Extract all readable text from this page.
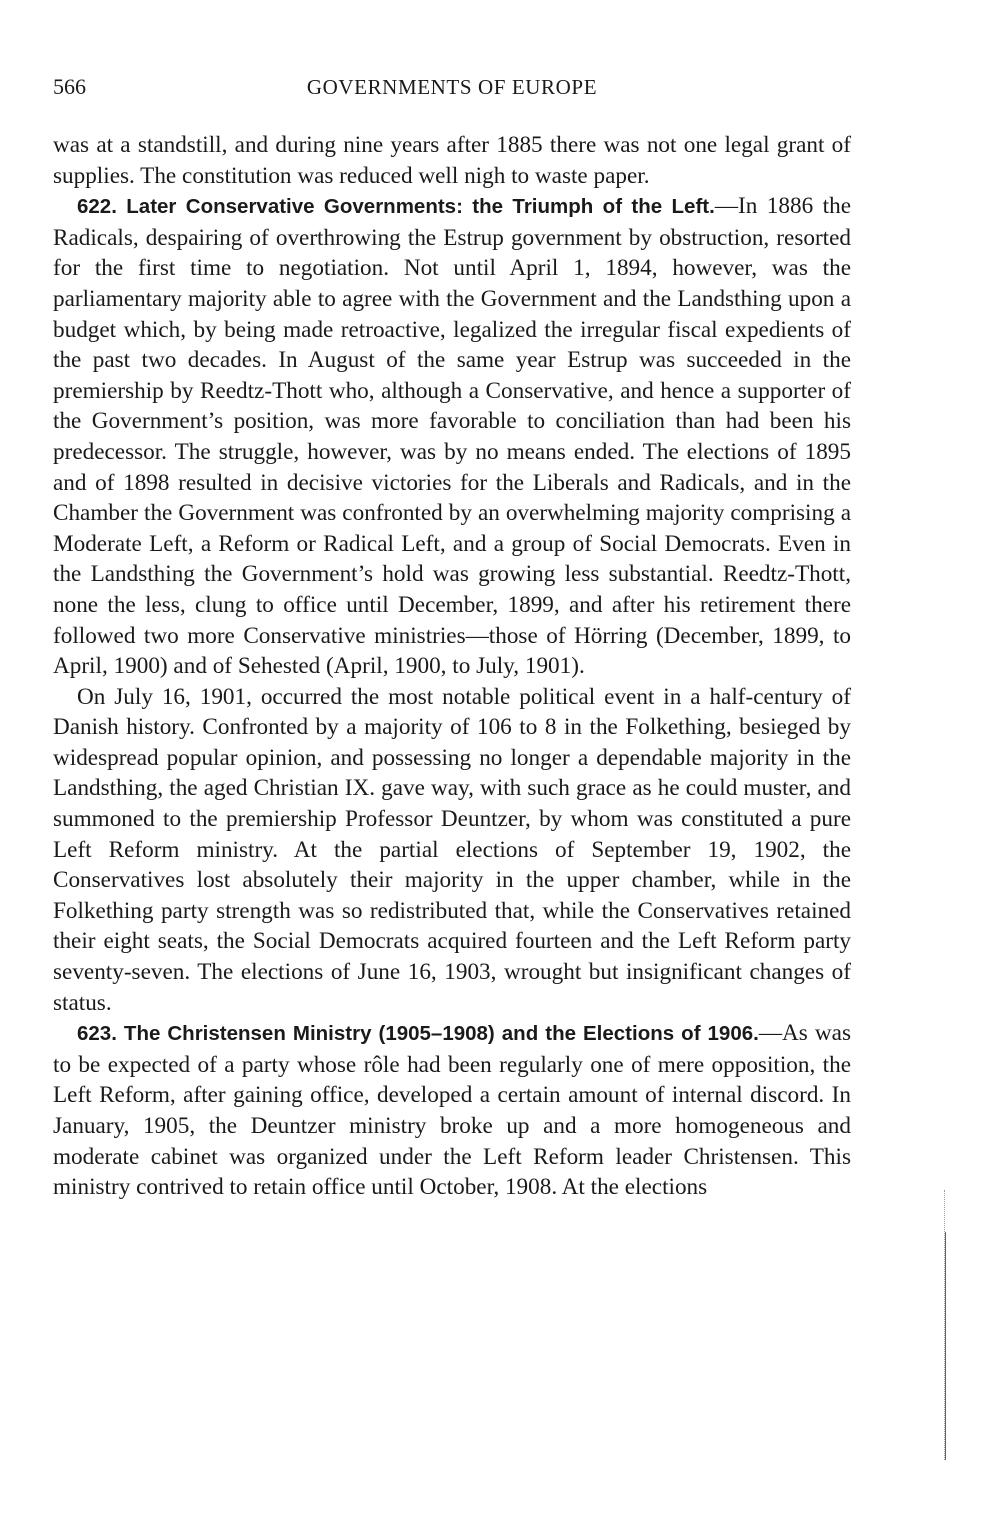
566	GOVERNMENTS OF EUROPE

was at a standstill, and during nine years after 1885 there was not one legal grant of supplies. The constitution was reduced well nigh to waste paper.

622. Later Conservative Governments: the Triumph of the Left.—In 1886 the Radicals, despairing of overthrowing the Estrup government by obstruction, resorted for the first time to negotiation. Not until April 1, 1894, however, was the parliamentary majority able to agree with the Government and the Landsthing upon a budget which, by being made retroactive, legalized the irregular fiscal expedients of the past two decades. In August of the same year Estrup was succeeded in the premiership by Reedtz-Thott who, although a Conservative, and hence a supporter of the Government’s position, was more favorable to conciliation than had been his predecessor. The struggle, however, was by no means ended. The elections of 1895 and of 1898 resulted in decisive victories for the Liberals and Radicals, and in the Chamber the Government was confronted by an overwhelming majority comprising a Moderate Left, a Reform or Radical Left, and a group of Social Democrats. Even in the Landsthing the Government’s hold was growing less substantial. Reedtz-Thott, none the less, clung to office until December, 1899, and after his retirement there followed two more Conservative ministries—those of Hörring (December, 1899, to April, 1900) and of Sehested (April, 1900, to July, 1901).

On July 16, 1901, occurred the most notable political event in a half-century of Danish history. Confronted by a majority of 106 to 8 in the Folkething, besieged by widespread popular opinion, and possessing no longer a dependable majority in the Landsthing, the aged Christian IX. gave way, with such grace as he could muster, and summoned to the premiership Professor Deuntzer, by whom was constituted a pure Left Reform ministry. At the partial elections of September 19, 1902, the Conservatives lost absolutely their majority in the upper chamber, while in the Folkething party strength was so redistributed that, while the Conservatives retained their eight seats, the Social Democrats acquired fourteen and the Left Reform party seventy-seven. The elections of June 16, 1903, wrought but insignificant changes of status.

623. The Christensen Ministry (1905–1908) and the Elections of 1906.—As was to be expected of a party whose rôle had been regularly one of mere opposition, the Left Reform, after gaining office, developed a certain amount of internal discord. In January, 1905, the Deuntzer ministry broke up and a more homogeneous and moderate cabinet was organized under the Left Reform leader Christensen. This ministry contrived to retain office until October, 1908. At the elections
